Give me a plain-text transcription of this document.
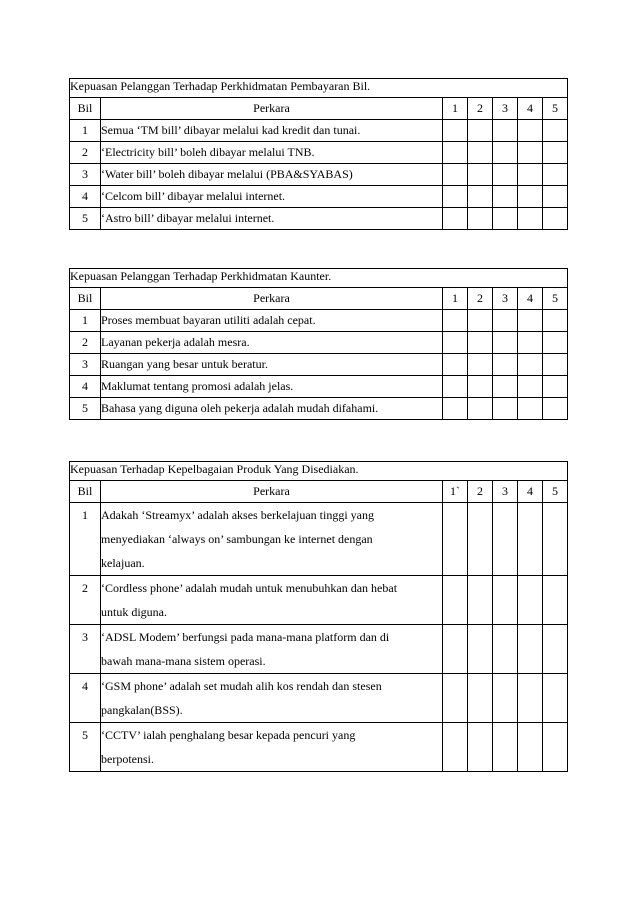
Kepuasan Pelanggan Terhadap Perkhidmatan Pembayaran Bil.						
Bil	Perkara	1	2	3	4	5
1	Semua ‘TM bill’ dibayar melalui kad kredit dan tunai.					
2	‘Electricity bill’ boleh dibayar melalui TNB.					
3	‘Water bill’ boleh dibayar melalui (PBA&SYABAS)					
4	‘Celcom bill’ dibayar melalui internet.					
5	‘Astro bill’ dibayar melalui internet.					
Kepuasan Pelanggan Terhadap Perkhidmatan Kaunter.						
Bil	Perkara	1	2	3	4	5
1	Proses membuat bayaran utiliti adalah cepat.					
2	Layanan pekerja adalah mesra.					
3	Ruangan yang besar untuk beratur.					
4	Maklumat tentang promosi adalah jelas.					
5	Bahasa yang diguna oleh pekerja adalah mudah difahami.					
Kepuasan Terhadap Kepelbagaian Produk Yang Disediakan.						
Bil	Perkara	1`	2	3	4	5
1	Adakah ‘Streamyx’ adalah akses berkelajuan tinggi yang
menyediakan ‘always on’ sambungan ke internet dengan
kelajuan.					

2	‘Cordless phone’ adalah mudah untuk menubuhkan dan hebat
untuk diguna.					

3	‘ADSL Modem’ berfungsi pada mana-mana platform dan di
bawah mana-mana sistem operasi.					

4	‘GSM phone’ adalah set mudah alih kos rendah dan stesen
pangkalan(BSS).					

5	‘CCTV’ ialah penghalang besar kepada pencuri yang
berpotensi.					
